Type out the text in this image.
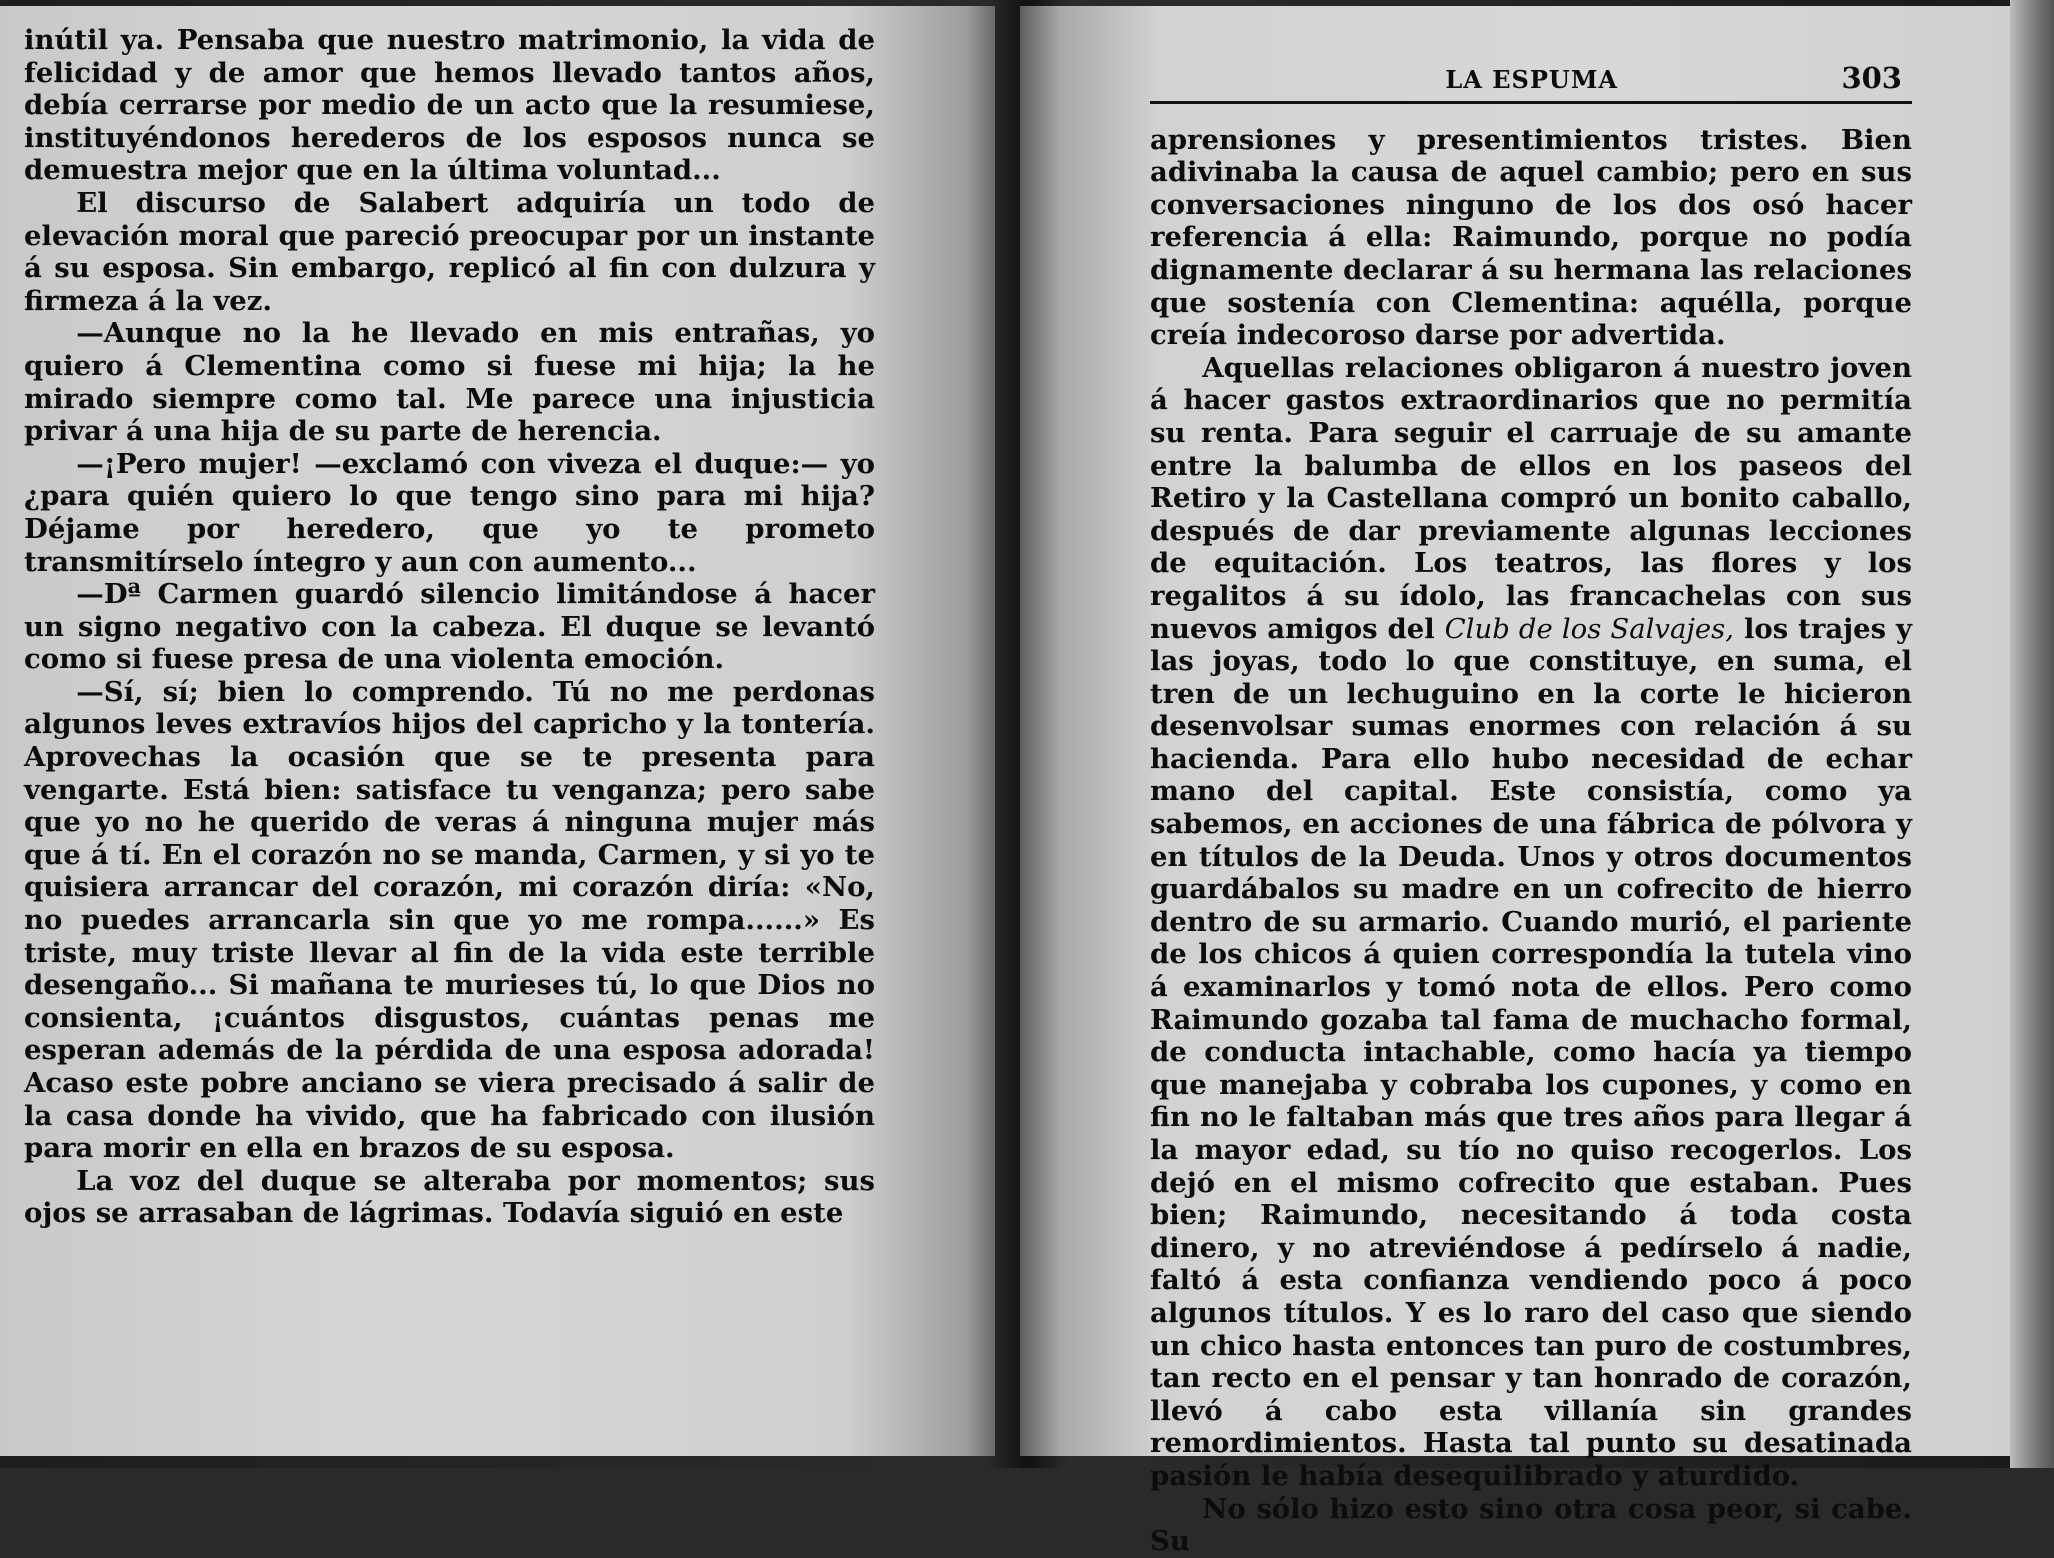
inútil ya. Pensaba que nuestro matrimonio, la vida de felicidad y de amor que hemos llevado tantos años, debía cerrarse por medio de un acto que la resumiese, instituyéndonos herederos de los esposos nunca se demuestra mejor que en la última voluntad...

El discurso de Salabert adquiría un todo de elevación moral que pareció preocupar por un instante á su esposa. Sin embargo, replicó al fin con dulzura y firmeza á la vez.

—Aunque no la he llevado en mis entrañas, yo quiero á Clementina como si fuese mi hija; la he mirado siempre como tal. Me parece una injusticia privar á una hija de su parte de herencia.

—¡Pero mujer! —exclamó con viveza el duque:— yo ¿para quién quiero lo que tengo sino para mi hija? Déjame por heredero, que yo te prometo transmitírselo íntegro y aun con aumento...

—Dª Carmen guardó silencio limitándose á hacer un signo negativo con la cabeza. El duque se levantó como si fuese presa de una violenta emoción.

—Sí, sí; bien lo comprendo. Tú no me perdonas algunos leves extravíos hijos del capricho y la tontería. Aprovechas la ocasión que se te presenta para vengarte. Está bien: satisface tu venganza; pero sabe que yo no he querido de veras á ninguna mujer más que á tí. En el corazón no se manda, Carmen, y si yo te quisiera arrancar del corazón, mi corazón diría: «No, no puedes arrancarla sin que yo me rompa......» Es triste, muy triste llevar al fin de la vida este terrible desengaño... Si mañana te murieses tú, lo que Dios no consienta, ¡cuántos disgustos, cuántas penas me esperan además de la pérdida de una esposa adorada! Acaso este pobre anciano se viera precisado á salir de la casa donde ha vivido, que ha fabricado con ilusión para morir en ella en brazos de su esposa.

La voz del duque se alteraba por momentos; sus ojos se arrasaban de lágrimas. Todavía siguió en este

LA ESPUMA	303

aprensiones y presentimientos tristes. Bien adivinaba la causa de aquel cambio; pero en sus conversaciones ninguno de los dos osó hacer referencia á ella: Raimundo, porque no podía dignamente declarar á su hermana las relaciones que sostenía con Clementina: aquélla, porque creía indecoroso darse por advertida.

Aquellas relaciones obligaron á nuestro joven á hacer gastos extraordinarios que no permitía su renta. Para seguir el carruaje de su amante entre la balumba de ellos en los paseos del Retiro y la Castellana compró un bonito caballo, después de dar previamente algunas lecciones de equitación. Los teatros, las flores y los regalitos á su ídolo, las francachelas con sus nuevos amigos del Club de los Salvajes, los trajes y las joyas, todo lo que constituye, en suma, el tren de un lechuguino en la corte le hicieron desenvolsar sumas enormes con relación á su hacienda. Para ello hubo necesidad de echar mano del capital. Este consistía, como ya sabemos, en acciones de una fábrica de pólvora y en títulos de la Deuda. Unos y otros documentos guardábalos su madre en un cofrecito de hierro dentro de su armario. Cuando murió, el pariente de los chicos á quien correspondía la tutela vino á examinarlos y tomó nota de ellos. Pero como Raimundo gozaba tal fama de muchacho formal, de conducta intachable, como hacía ya tiempo que manejaba y cobraba los cupones, y como en fin no le faltaban más que tres años para llegar á la mayor edad, su tío no quiso recogerlos. Los dejó en el mismo cofrecito que estaban. Pues bien; Raimundo, necesitando á toda costa dinero, y no atreviéndose á pedírselo á nadie, faltó á esta confianza vendiendo poco á poco algunos títulos. Y es lo raro del caso que siendo un chico hasta entonces tan puro de costumbres, tan recto en el pensar y tan honrado de corazón, llevó á cabo esta villanía sin grandes remordimientos. Hasta tal punto su desatinada pasión le había desequilibrado y aturdido.

No sólo hizo esto sino otra cosa peor, si cabe. Su
